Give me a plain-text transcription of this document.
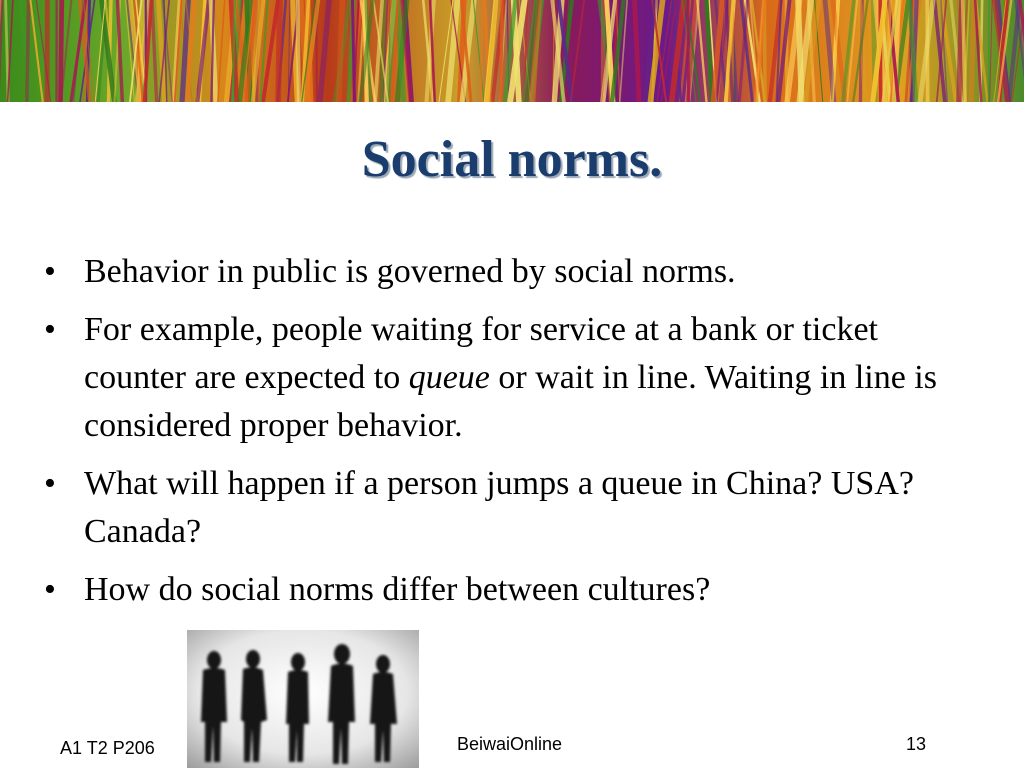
Social norms.
• Behavior in public is governed by social norms.
• For example, people waiting for service at a bank or ticket counter are expected to queue or wait in line. Waiting in line is considered proper behavior.
• What will happen if a person jumps a queue in China? USA? Canada?
• How do social norms differ between cultures?
A1 T2 P206	BeiwaiOnline	13
